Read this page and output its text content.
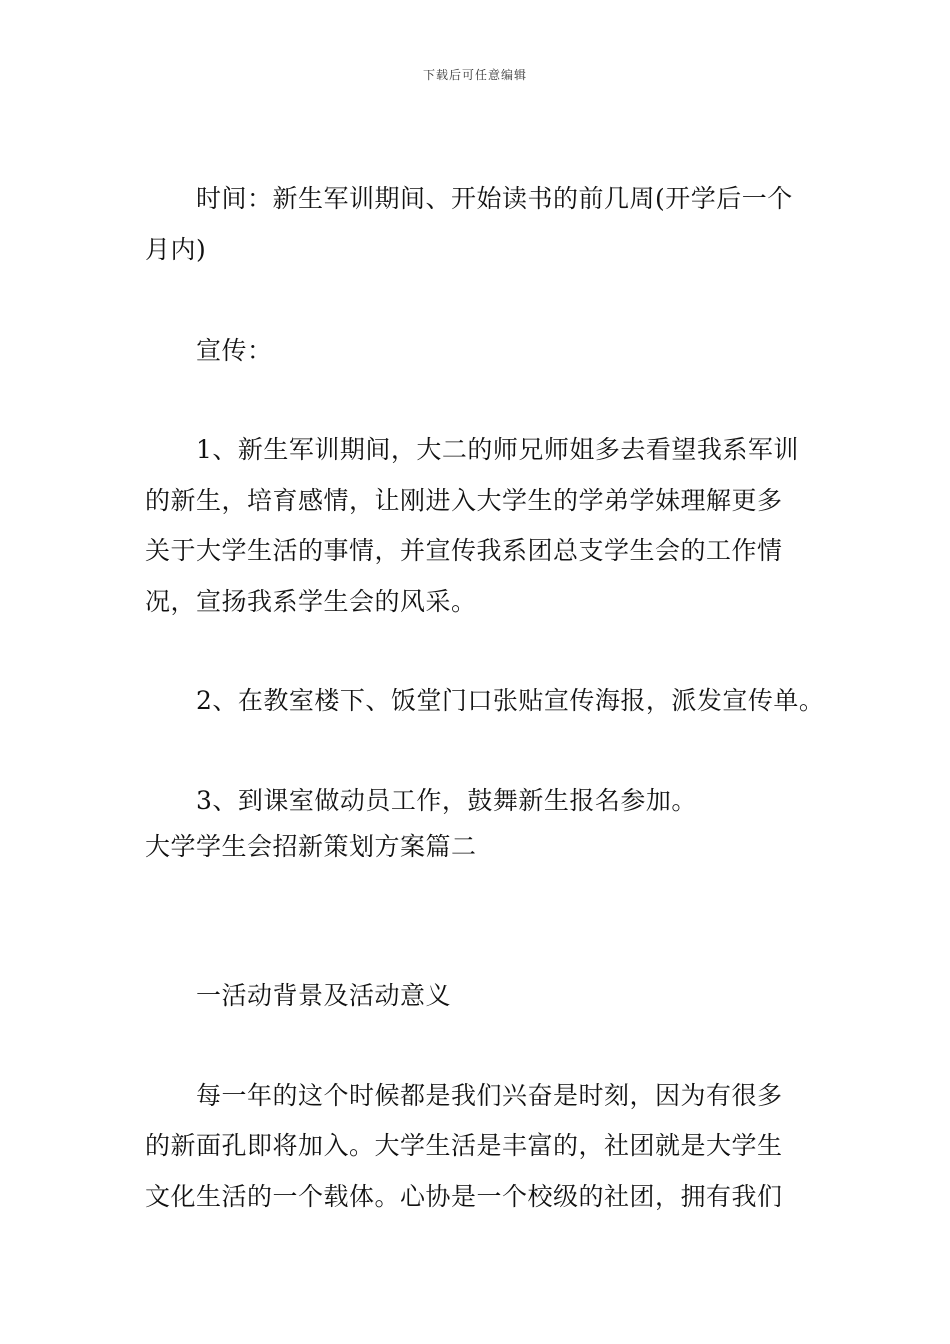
下载后可任意编辑
时间：新生军训期间、开始读书的前几周(开学后一个
月内)
宣传：
1、新生军训期间，大二的师兄师姐多去看望我系军训
的新生，培育感情，让刚进入大学生的学弟学妹理解更多
关于大学生活的事情，并宣传我系团总支学生会的工作情
况，宣扬我系学生会的风采。
2、在教室楼下、饭堂门口张贴宣传海报，派发宣传单。
3、到课室做动员工作，鼓舞新生报名参加。
大学学生会招新策划方案篇二
一活动背景及活动意义
每一年的这个时候都是我们兴奋是时刻，因为有很多
的新面孔即将加入。大学生活是丰富的，社团就是大学生
文化生活的一个载体。心协是一个校级的社团，拥有我们
